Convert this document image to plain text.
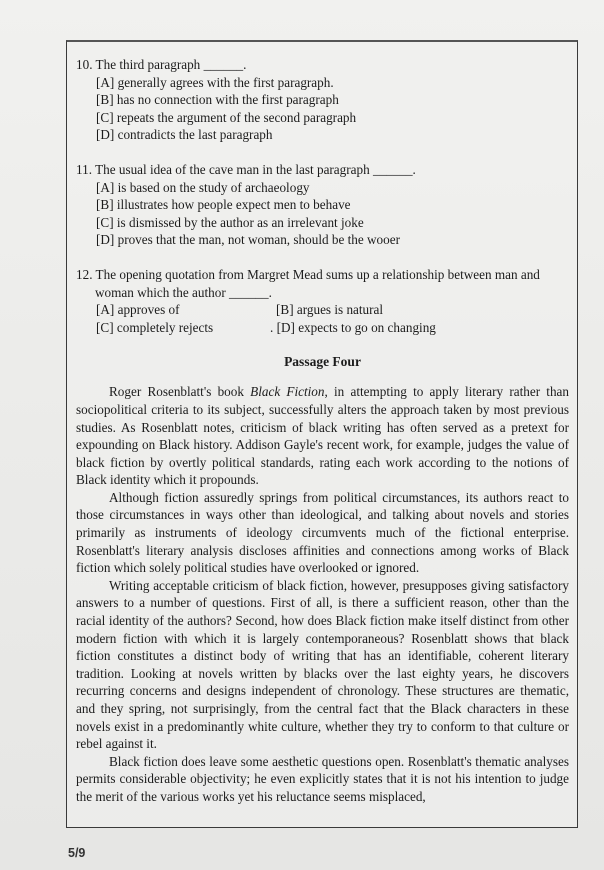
10. The third paragraph ______.
[A] generally agrees with the first paragraph.
[B] has no connection with the first paragraph
[C] repeats the argument of the second paragraph
[D] contradicts the last paragraph
11. The usual idea of the cave man in the last paragraph ______.
[A] is based on the study of archaeology
[B] illustrates how people expect men to behave
[C] is dismissed by the author as an irrelevant joke
[D] proves that the man, not woman, should be the wooer
12. The opening quotation from Margret Mead sums up a relationship between man and
woman which the author ______.
[A] approves of	[B] argues is natural
[C] completely rejects	. [D] expects to go on changing
Passage Four

Roger Rosenblatt's book Black Fiction, in attempting to apply literary rather than sociopolitical criteria to its subject, successfully alters the approach taken by most previous studies. As Rosenblatt notes, criticism of black writing has often served as a pretext for expounding on Black history. Addison Gayle's recent work, for example, judges the value of black fiction by overtly political standards, rating each work according to the notions of Black identity which it propounds.

Although fiction assuredly springs from political circumstances, its authors react to those circumstances in ways other than ideological, and talking about novels and stories primarily as instruments of ideology circumvents much of the fictional enterprise. Rosenblatt's literary analysis discloses affinities and connections among works of Black fiction which solely political studies have overlooked or ignored.

Writing acceptable criticism of black fiction, however, presupposes giving satisfactory answers to a number of questions. First of all, is there a sufficient reason, other than the racial identity of the authors? Second, how does Black fiction make itself distinct from other modern fiction with which it is largely contemporaneous? Rosenblatt shows that black fiction constitutes a distinct body of writing that has an identifiable, coherent literary tradition. Looking at novels written by blacks over the last eighty years, he discovers recurring concerns and designs independent of chronology. These structures are thematic, and they spring, not surprisingly, from the central fact that the Black characters in these novels exist in a predominantly white culture, whether they try to conform to that culture or rebel against it.

Black fiction does leave some aesthetic questions open. Rosenblatt's thematic analyses permits considerable objectivity; he even explicitly states that it is not his intention to judge the merit of the various works yet his reluctance seems misplaced,

5/9
